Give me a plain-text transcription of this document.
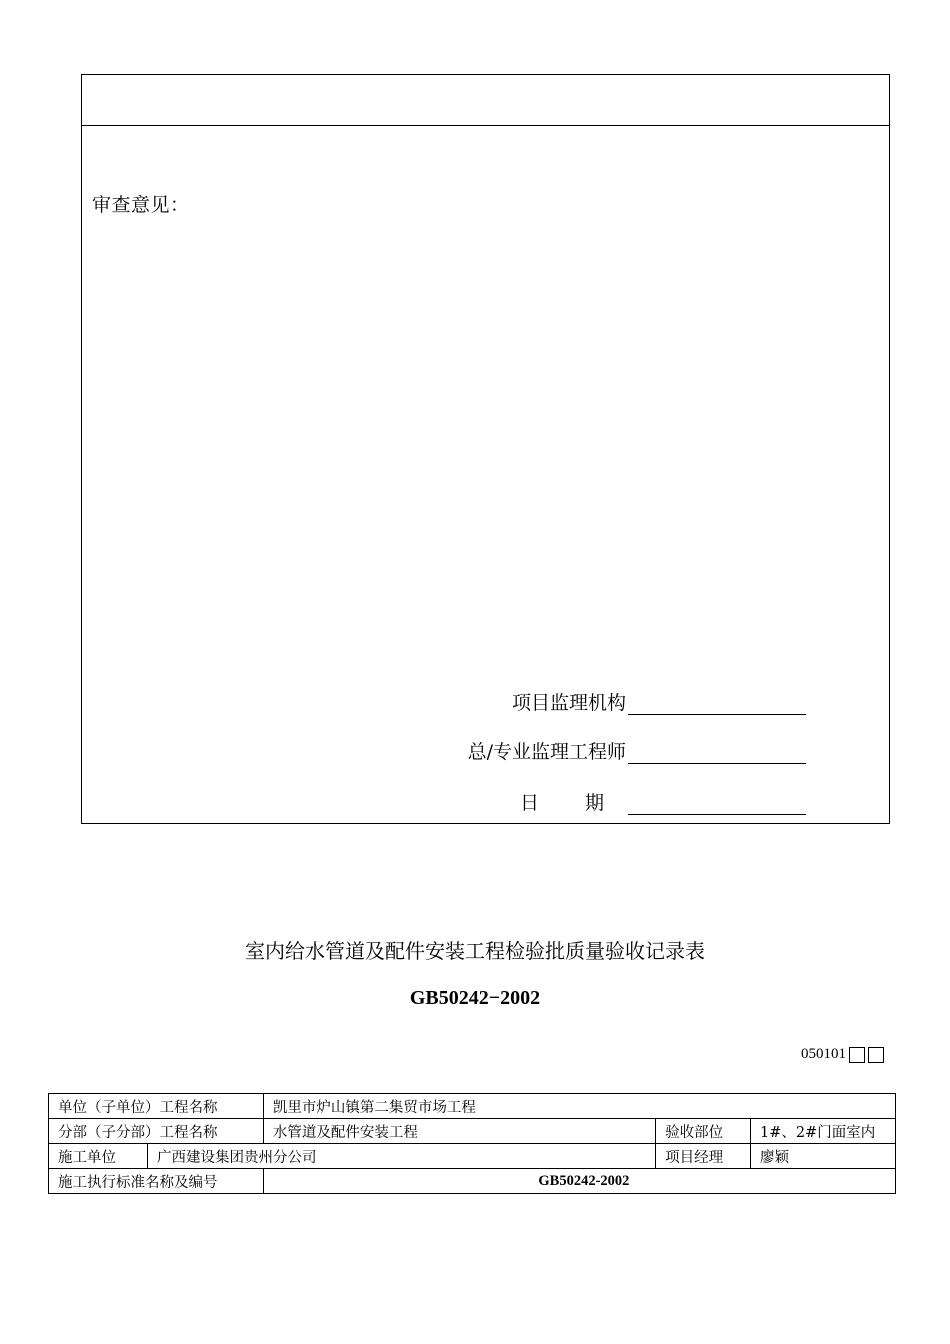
审查意见：
项目监理机构
总/专业监理工程师
日 期
室内给水管道及配件安装工程检验批质量验收记录表
GB50242−2002
050101
单位（子单位）工程名称		凯里市炉山镇第二集贸市场工程		
分部（子分部）工程名称		水管道及配件安装工程	验收部位	1#、2#门面室内
施工单位	广西建设集团贵州分公司		项目经理	廖颖
施工执行标准名称及编号		GB50242-2002		
